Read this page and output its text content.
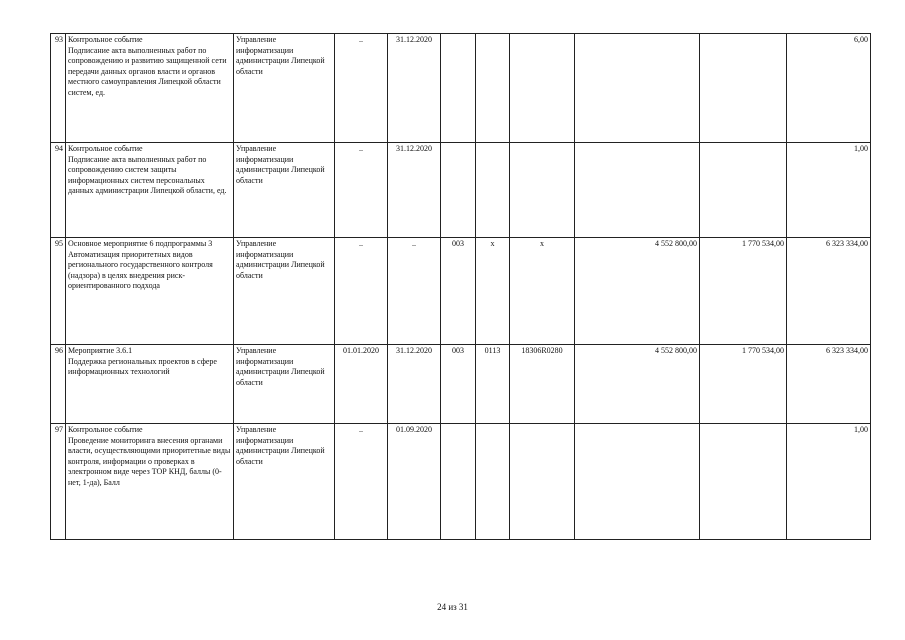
93	Контрольное событие
Подписание акта выполненных работ по сопровождению и развитию защищенной сети передачи данных органов власти и органов местного самоуправления Липецкой области систем, ед.	Управление информатизации администрации Липецкой области	..	31.12.2020						6,00
94	Контрольное событие
Подписание акта выполненных работ по сопровождению систем защиты информационных систем персональных данных администрации Липецкой области, ед.	Управление информатизации администрации Липецкой области	..	31.12.2020						1,00
95	Основное мероприятие 6 подпрограммы 3
Автоматизация приоритетных видов регионального государственного контроля (надзора) в целях внедрения риск-ориентированного подхода	Управление информатизации администрации Липецкой области	..	..	003	x	x	4 552 800,00	1 770 534,00	6 323 334,00
96	Мероприятие 3.6.1
Поддержка региональных проектов в сфере информационных технологий	Управление информатизации администрации Липецкой области	01.01.2020	31.12.2020	003	0113	18306R0280	4 552 800,00	1 770 534,00	6 323 334,00
97	Контрольное событие
Проведение мониторинга внесения органами власти, осуществляющими приоритетные виды контроля, информации о проверках в электронном виде через ТОР КНД, баллы (0-нет, 1-да), Балл	Управление информатизации администрации Липецкой области	..	01.09.2020						1,00
24 из 31
